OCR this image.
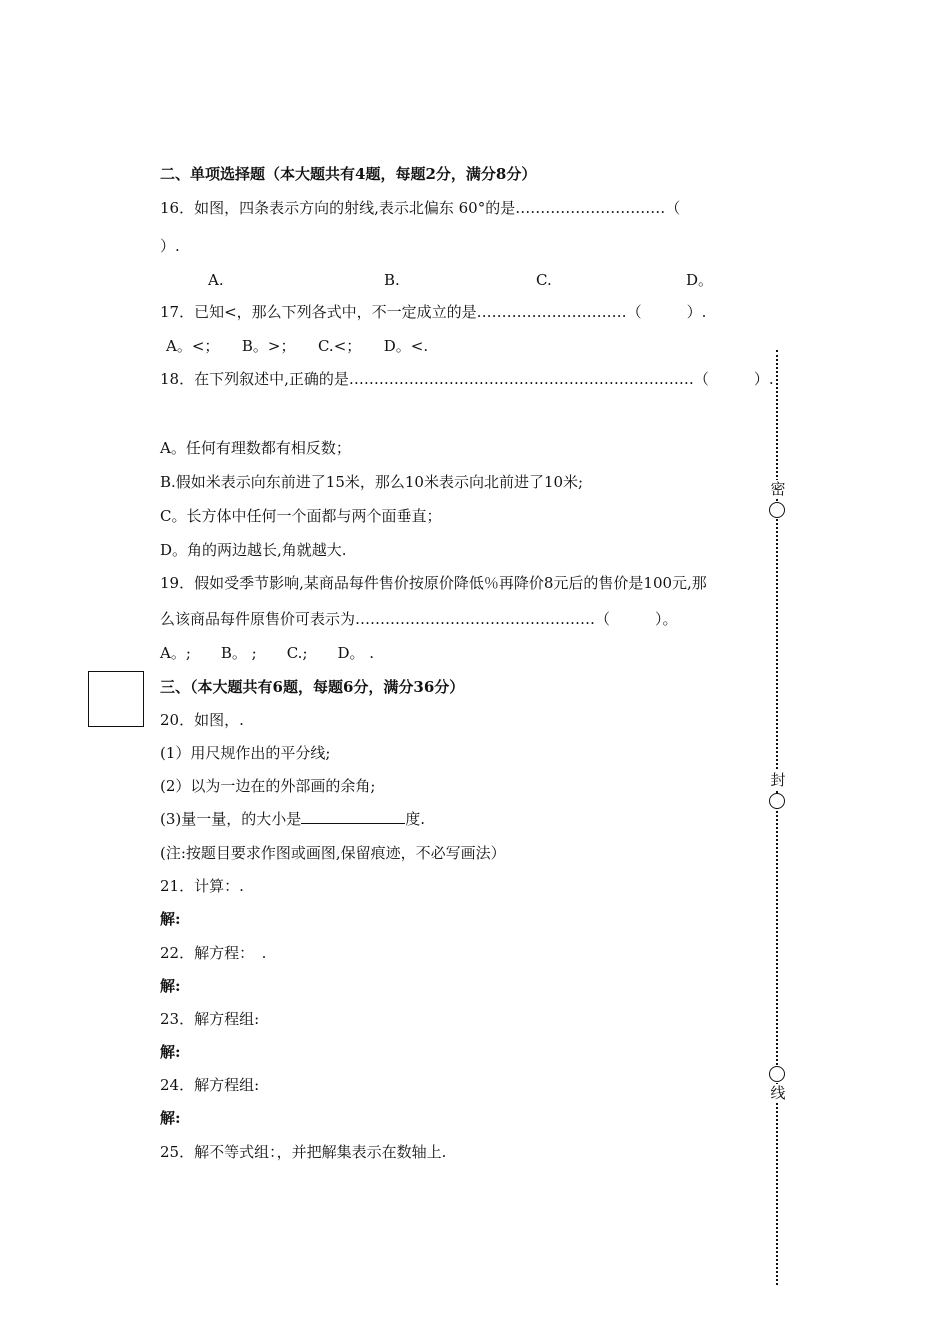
二、单项选择题（本大题共有4题，每题2分，满分8分）
16．如图，四条表示方向的射线,表示北偏东 60°的是…………………………（
）.
A.	B.	C.	D。
17．已知<，那么下列各式中，不一定成立的是…………………………（　　　）.
A。<；　　B。>；　　C.<；　　D。<.
18．在下列叙述中,正确的是……………………………………………………………（　　　）.
A。任何有理数都有相反数；
B.假如米表示向东前进了15米，那么10米表示向北前进了10米;
C。长方体中任何一个面都与两个面垂直；
D。角的两边越长,角就越大.
19．假如受季节影响,某商品每件售价按原价降低％再降价8元后的售价是100元,那
么该商品每件原售价可表示为…………………………………………（　　　）。
A。;　　B。 ;　　C.;　　D。 .
三、（本大题共有6题，每题6分，满分36分）
20．如图，.
(1）用尺规作出的平分线;
(2）以为一边在的外部画的余角;
(3)量一量，的大小是	度.
(注:按题目要求作图或画图,保留痕迹，不必写画法）
21．计算：.
解:
22．解方程：　.
解:
23．解方程组:
解:
24．解方程组:
解:
25．解不等式组：，并把解集表示在数轴上.
密
封
线
